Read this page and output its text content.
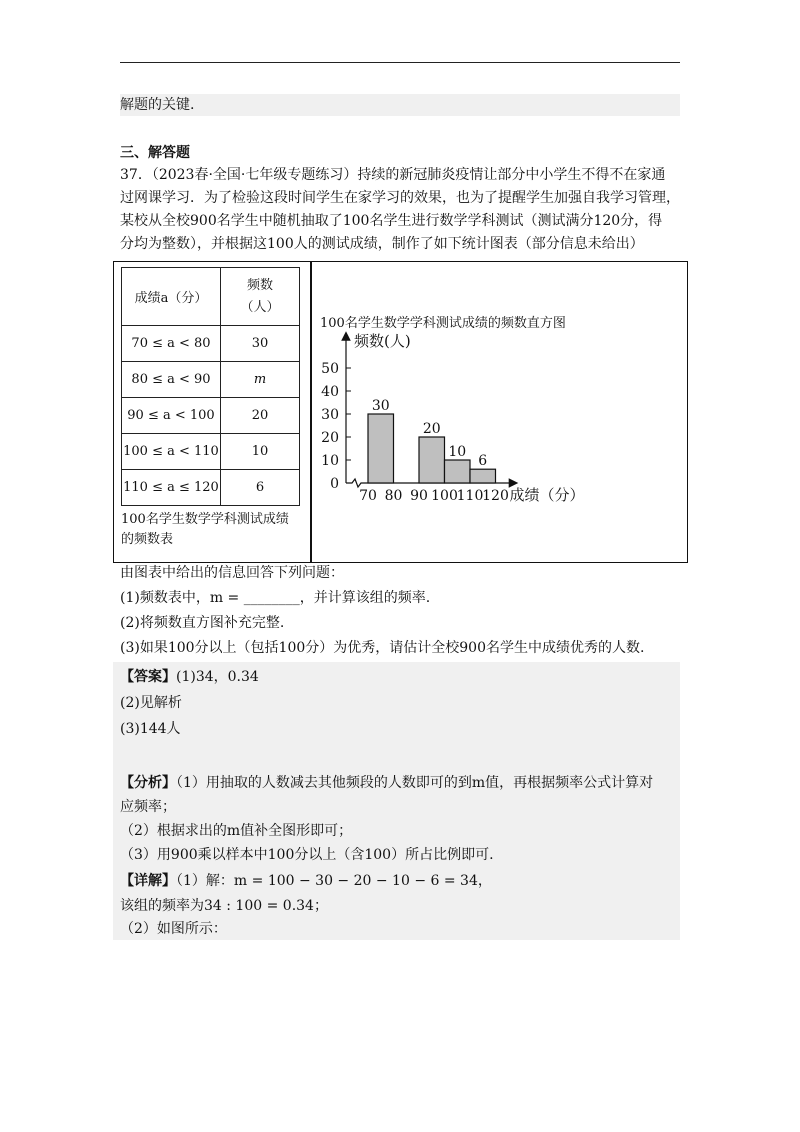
解题的关键.
三、解答题
37．（2023春·全国·七年级专题练习）持续的新冠肺炎疫情让部分中小学生不得不在家通
过网课学习．为了检验这段时间学生在家学习的效果，也为了提醒学生加强自我学习管理，
某校从全校900名学生中随机抽取了100名学生进行数学学科测试（测试满分120分，得
分均为整数），并根据这100人的测试成绩，制作了如下统计图表（部分信息未给出）
成绩a（分）	频数
（人）
70 ≤ a < 80	30
80 ≤ a < 90	m
90 ≤ a < 100	20
100 ≤ a < 110	10
110 ≤ a ≤ 120	6
100名学生数学学科测试成绩
的频数表
100名学生数学学科测试成绩的频数直方图
频数(人)
0
10
20
30
40
50
30
20
10
6
70 80 90 100
110
120 成绩（分）
由图表中给出的信息回答下列问题：
(1)频数表中，m = ________，并计算该组的频率.
(2)将频数直方图补充完整.
(3)如果100分以上（包括100分）为优秀，请估计全校900名学生中成绩优秀的人数.
【答案】(1)34，0.34
(2)见解析
(3)144人
【分析】（1）用抽取的人数减去其他频段的人数即可的到m值，再根据频率公式计算对
应频率；
（2）根据求出的m值补全图形即可；
（3）用900乘以样本中100分以上（含100）所占比例即可.
【详解】（1）解：m = 100 − 30 − 20 − 10 − 6 = 34，
该组的频率为34 : 100 = 0.34；
（2）如图所示：
